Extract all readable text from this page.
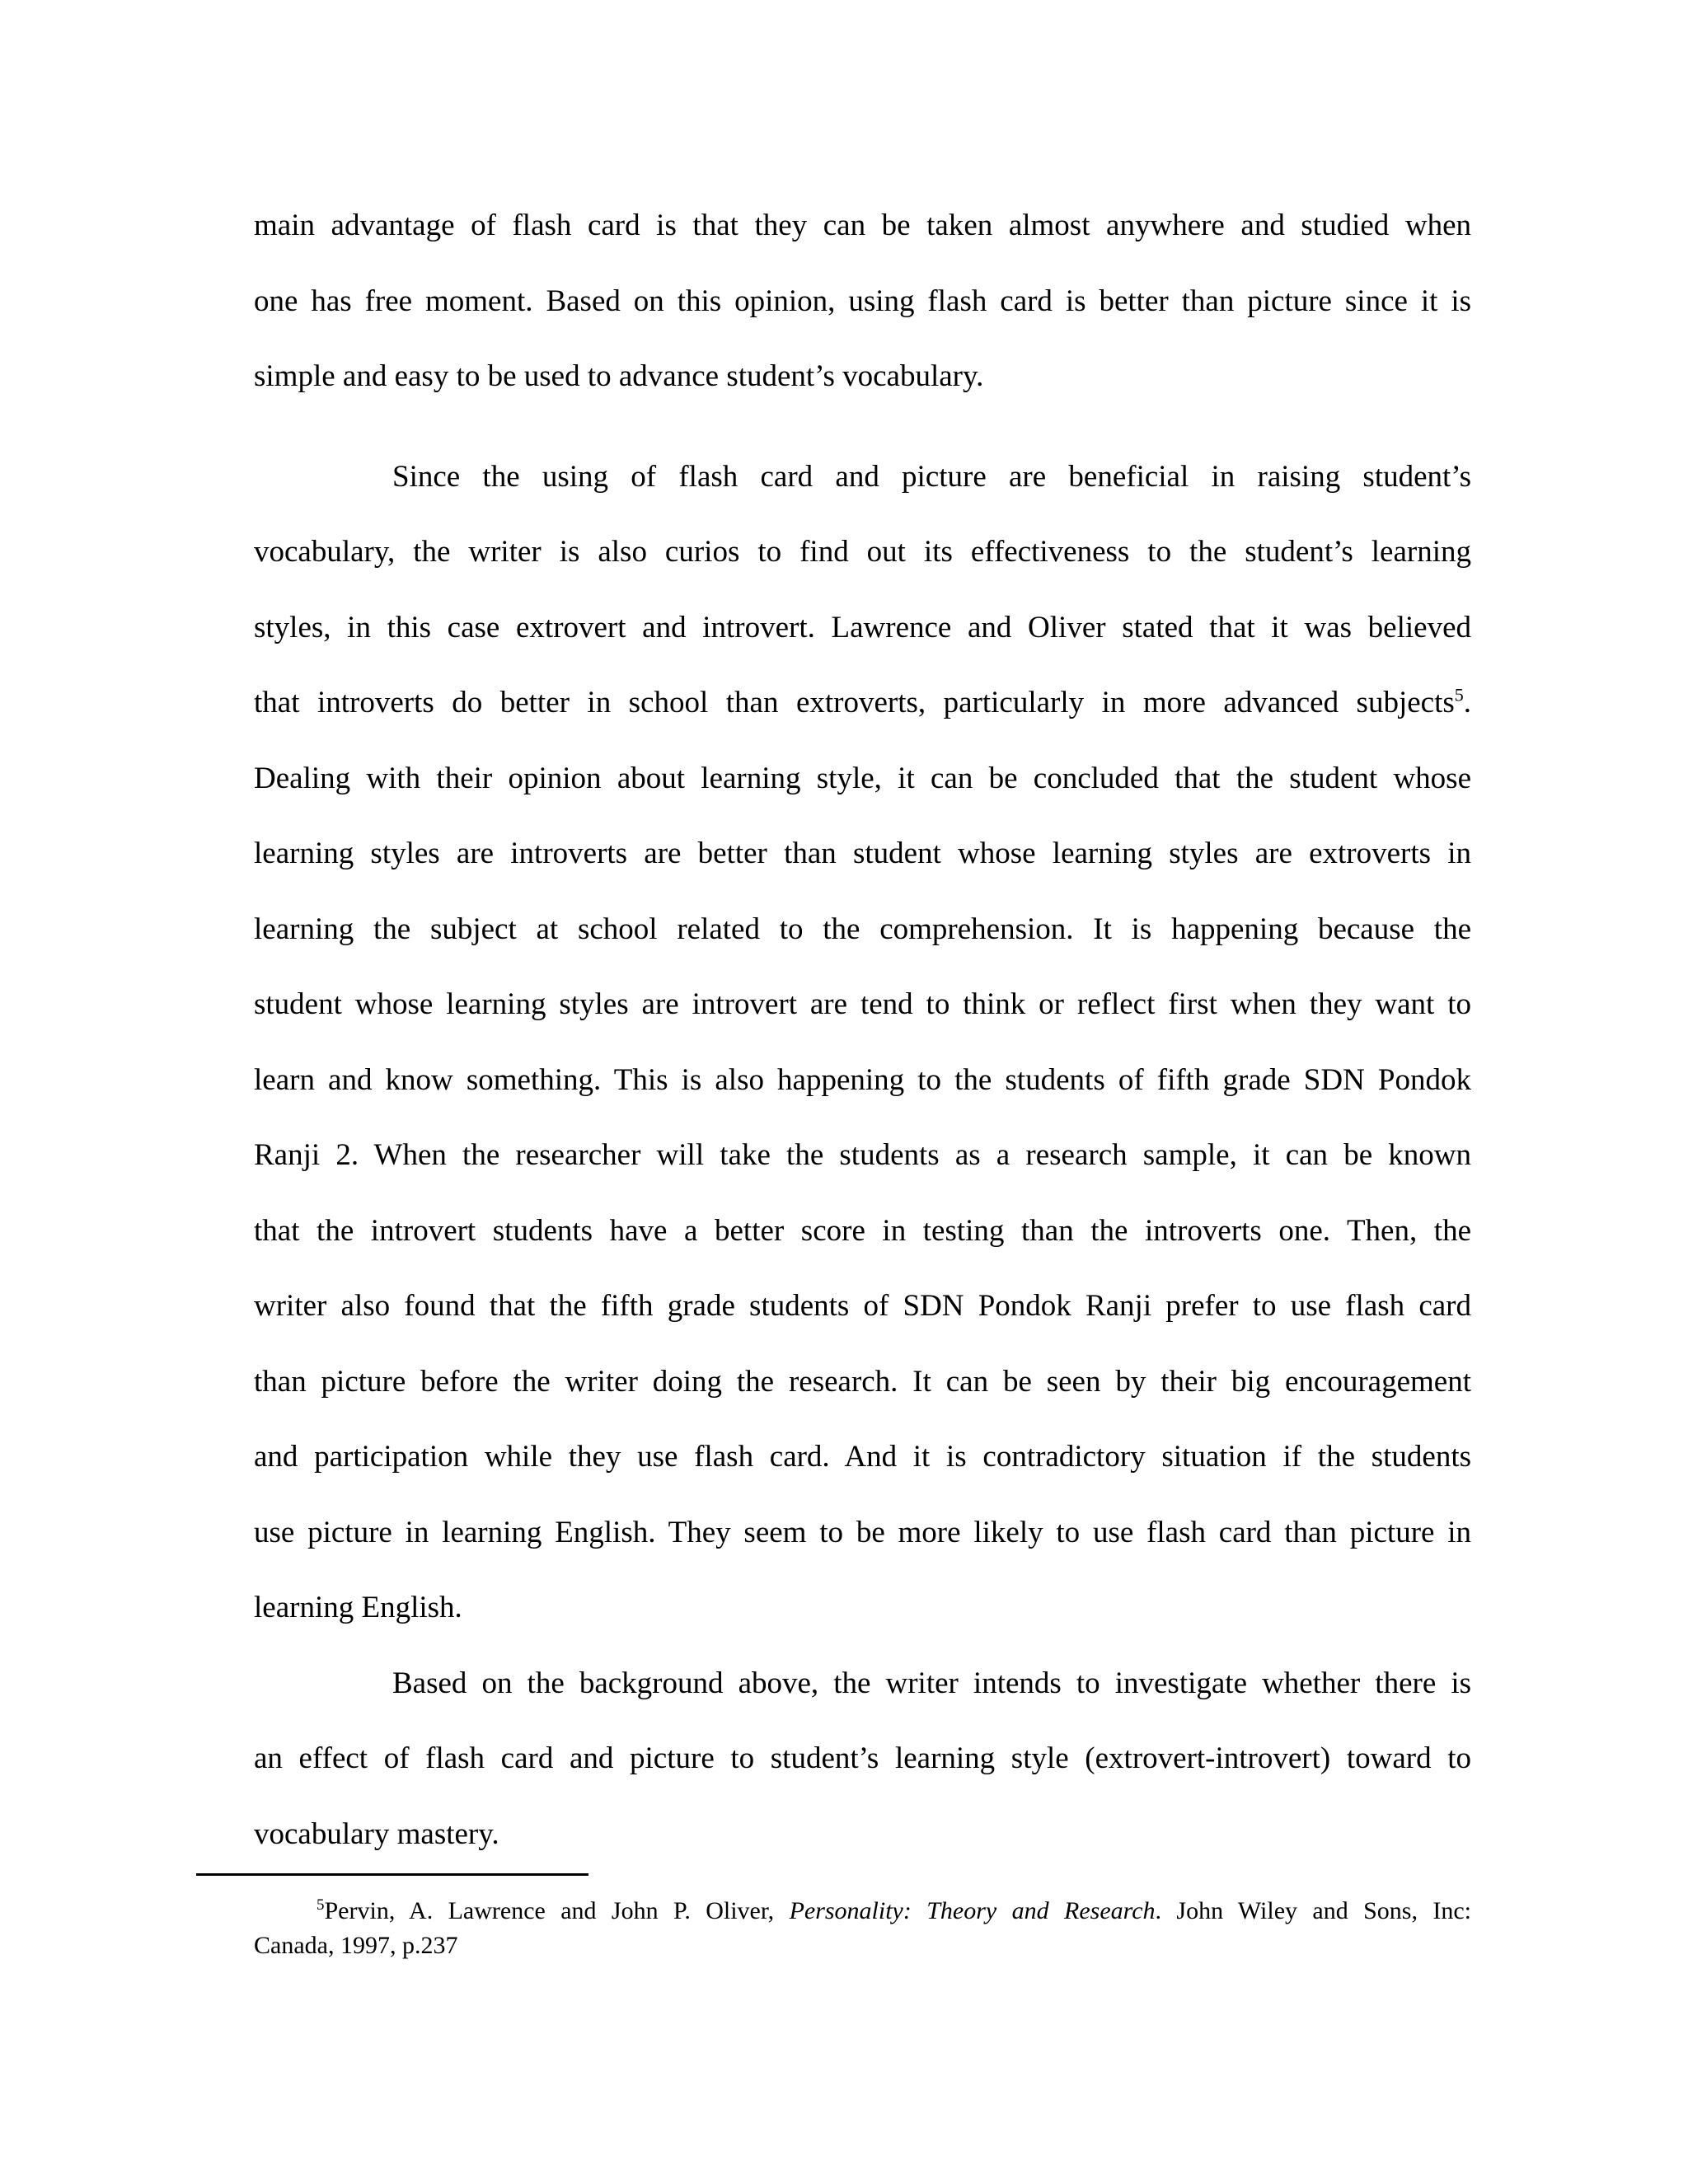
main advantage of flash card is that they can be taken almost anywhere and studied when
one has free moment. Based on this opinion, using flash card is better than picture since it is
simple and easy to be used to advance student’s vocabulary.
Since the using of flash card and picture are beneficial in raising student’s
vocabulary, the writer is also curios to find out its effectiveness to the student’s learning
styles, in this case extrovert and introvert. Lawrence and Oliver stated that it was believed
that introverts do better in school than extroverts, particularly in more advanced subjects$^5$.
Dealing with their opinion about learning style, it can be concluded that the student whose
learning styles are introverts are better than student whose learning styles are extroverts in
learning the subject at school related to the comprehension. It is happening because the
student whose learning styles are introvert are tend to think or reflect first when they want to
learn and know something. This is also happening to the students of fifth grade SDN Pondok
Ranji 2. When the researcher will take the students as a research sample, it can be known
that the introvert students have a better score in testing than the introverts one. Then, the
writer also found that the fifth grade students of SDN Pondok Ranji prefer to use flash card
than picture before the writer doing the research. It can be seen by their big encouragement
and participation while they use flash card. And it is contradictory situation if the students
use picture in learning English. They seem to be more likely to use flash card than picture in
learning English.
Based on the background above, the writer intends to investigate whether there is
an effect of flash card and picture to student’s learning style (extrovert-introvert) toward to
vocabulary mastery.
$^5$Pervin, A. Lawrence and John P. Oliver, Personality: Theory and Research. John Wiley and Sons, Inc:
Canada, 1997, p.237
